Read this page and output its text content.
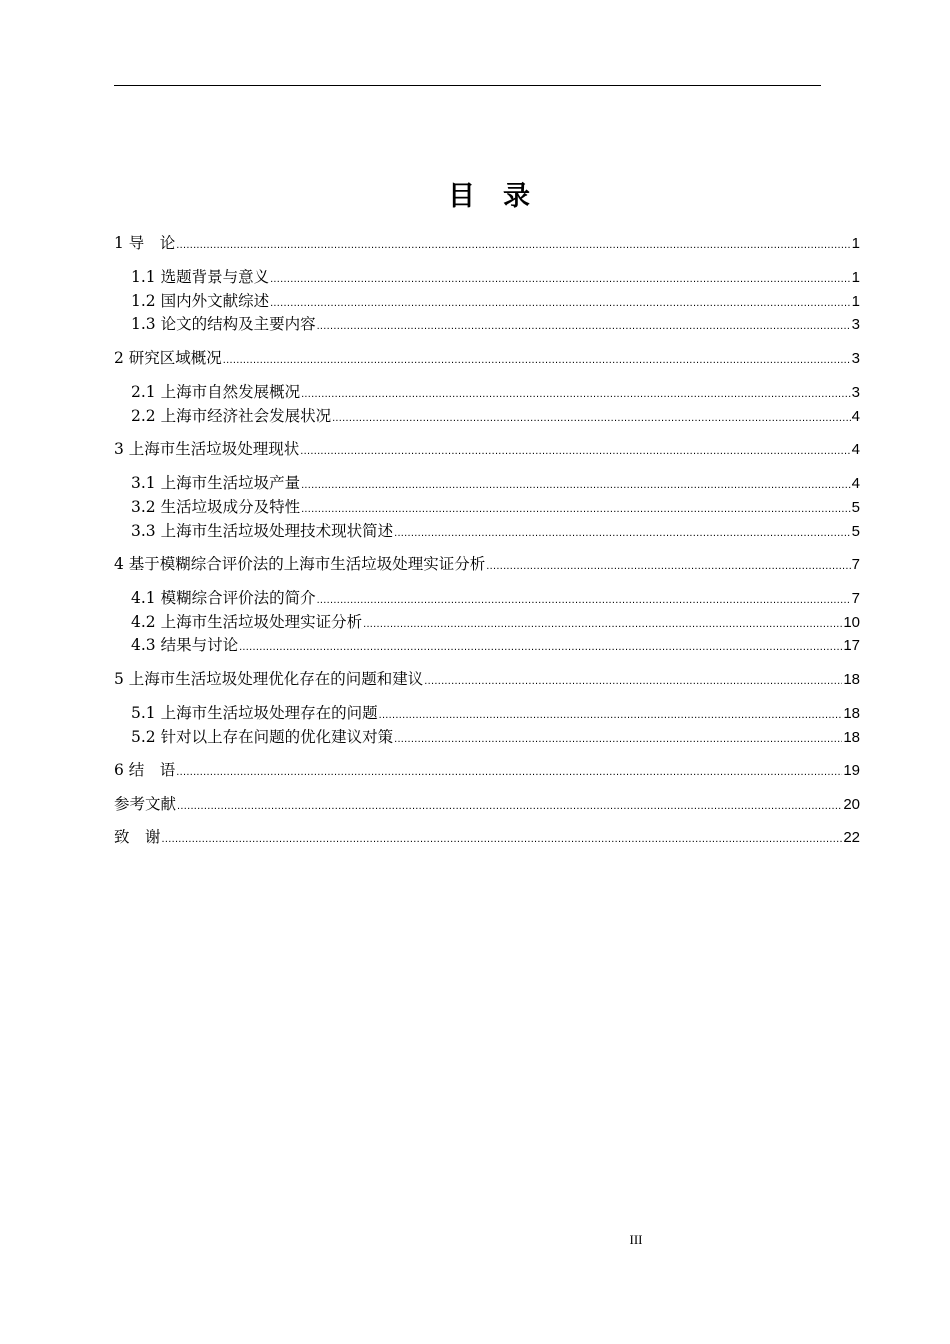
目 录
1 导　论 .....	1
1.1 选题背景与意义 .....	1
1.2 国内外文献综述 .....	1
1.3 论文的结构及主要内容 .....	3
2 研究区域概况 .....	3
2.1 上海市自然发展概况 .....	3
2.2 上海市经济社会发展状况 .....	4
3 上海市生活垃圾处理现状 .....	4
3.1 上海市生活垃圾产量 .....	4
3.2 生活垃圾成分及特性 .....	5
3.3 上海市生活垃圾处理技术现状简述 .....	5
4 基于模糊综合评价法的上海市生活垃圾处理实证分析 .....	7
4.1 模糊综合评价法的简介 .....	7
4.2 上海市生活垃圾处理实证分析 .....	10
4.3 结果与讨论 .....	17
5 上海市生活垃圾处理优化存在的问题和建议 .....	18
5.1 上海市生活垃圾处理存在的问题 .....	18
5.2 针对以上存在问题的优化建议对策 .....	18
6 结　语 .....	19
参考文献 .....	20
致　谢 .....	22
III
